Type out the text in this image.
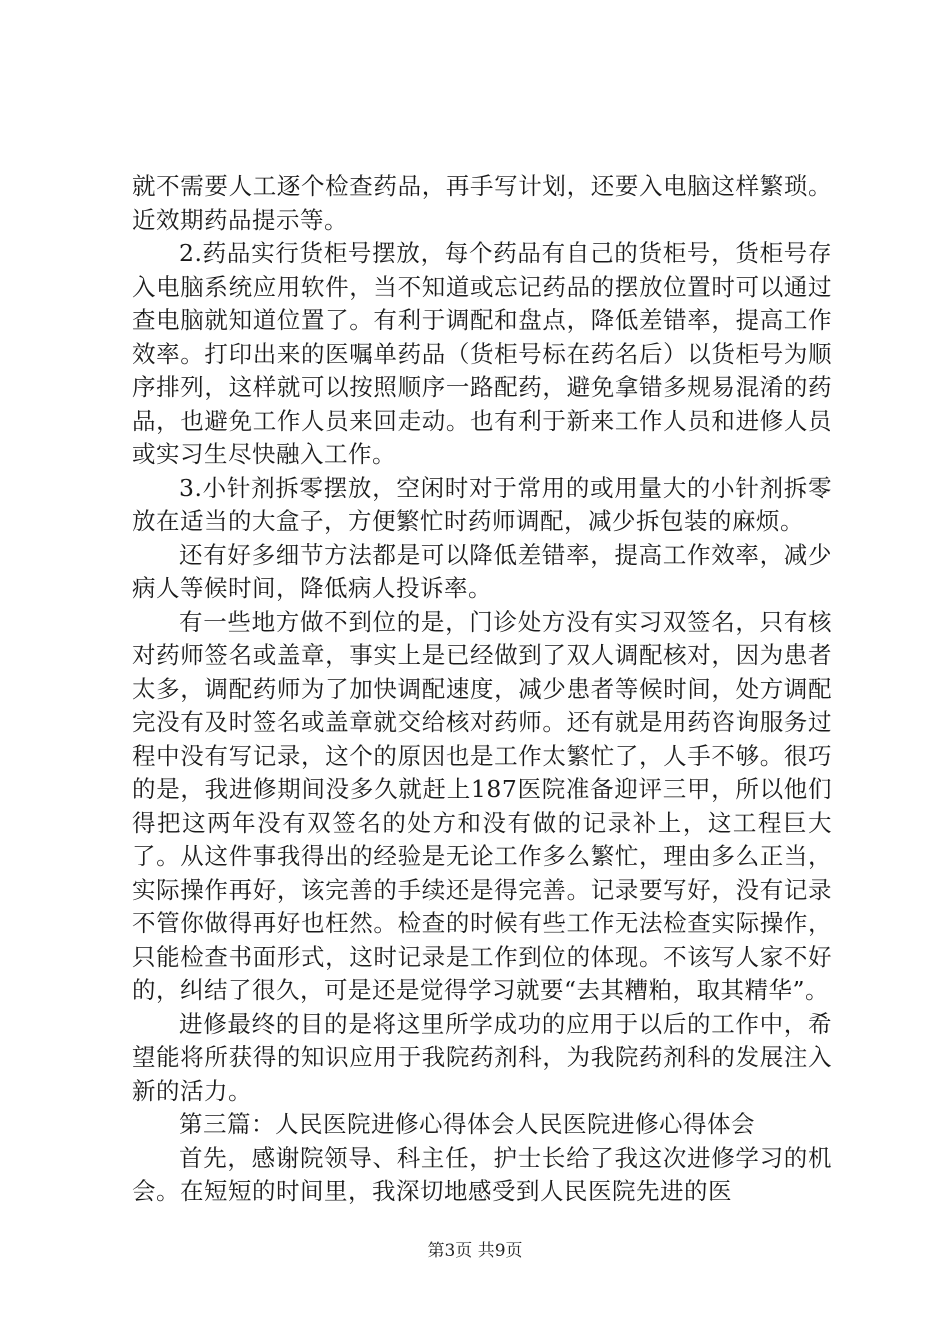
就不需要人工逐个检查药品，再手写计划，还要入电脑这样繁琐。近效期药品提示等。

2.药品实行货柜号摆放，每个药品有自己的货柜号，货柜号存入电脑系统应用软件，当不知道或忘记药品的摆放位置时可以通过查电脑就知道位置了。有利于调配和盘点，降低差错率，提高工作效率。打印出来的医嘱单药品（货柜号标在药名后）以货柜号为顺序排列，这样就可以按照顺序一路配药，避免拿错多规易混淆的药品，也避免工作人员来回走动。也有利于新来工作人员和进修人员或实习生尽快融入工作。

3.小针剂拆零摆放，空闲时对于常用的或用量大的小针剂拆零放在适当的大盒子，方便繁忙时药师调配，减少拆包装的麻烦。

还有好多细节方法都是可以降低差错率，提高工作效率，减少病人等候时间，降低病人投诉率。

有一些地方做不到位的是，门诊处方没有实习双签名，只有核对药师签名或盖章，事实上是已经做到了双人调配核对，因为患者太多，调配药师为了加快调配速度，减少患者等候时间，处方调配完没有及时签名或盖章就交给核对药师。还有就是用药咨询服务过程中没有写记录，这个的原因也是工作太繁忙了，人手不够。很巧的是，我进修期间没多久就赶上187医院准备迎评三甲，所以他们得把这两年没有双签名的处方和没有做的记录补上，这工程巨大了。从这件事我得出的经验是无论工作多么繁忙，理由多么正当，实际操作再好，该完善的手续还是得完善。记录要写好，没有记录不管你做得再好也枉然。检查的时候有些工作无法检查实际操作，只能检查书面形式，这时记录是工作到位的体现。不该写人家不好的，纠结了很久，可是还是觉得学习就要“去其糟粕，取其精华”。

进修最终的目的是将这里所学成功的应用于以后的工作中，希望能将所获得的知识应用于我院药剂科，为我院药剂科的发展注入新的活力。

第三篇：人民医院进修心得体会人民医院进修心得体会

首先，感谢院领导、科主任，护士长给了我这次进修学习的机会。在短短的时间里，我深切地感受到人民医院先进的医

第3页 共9页
